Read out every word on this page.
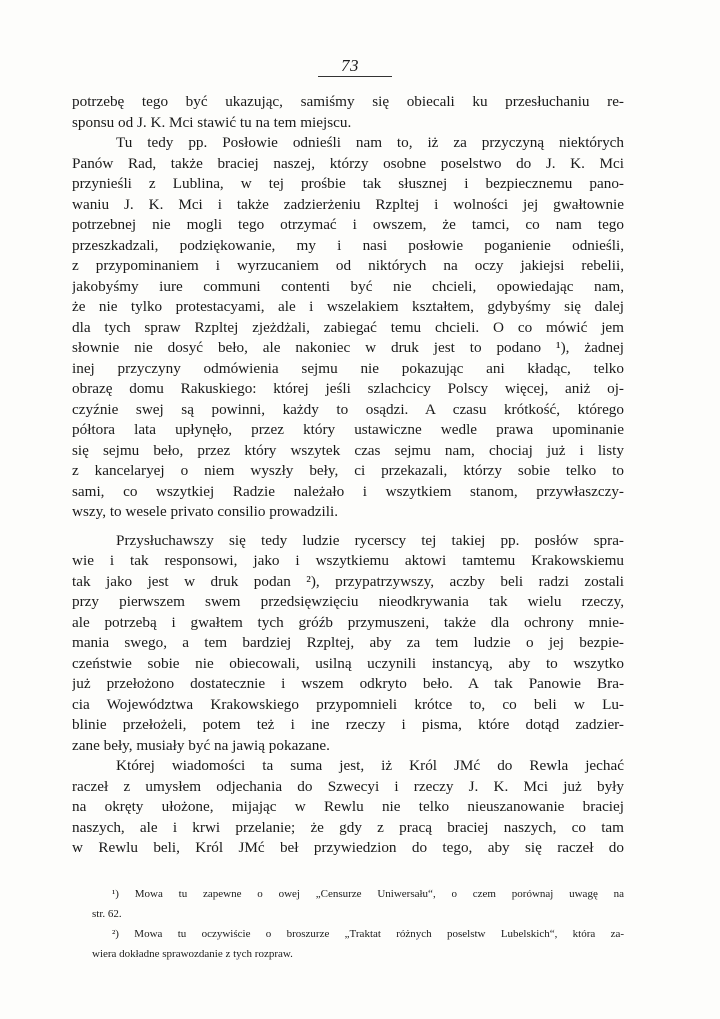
73
potrzebę tego być ukazując, samiśmy się obiecali ku przesłuchaniu re-
sponsu od J. K. Mci stawić tu na tem miejscu.
Tu tedy pp. Posłowie odnieśli nam to, iż za przyczyną niektórych
Panów Rad, także braciej naszej, którzy osobne poselstwo do J. K. Mci
przynieśli z Lublina, w tej prośbie tak słusznej i bezpiecznemu pano-
waniu J. K. Mci i także zadzierżeniu Rzpltej i wolności jej gwałtownie
potrzebnej nie mogli tego otrzymać i owszem, że tamci, co nam tego
przeszkadzali, podziękowanie, my i nasi posłowie poganienie odnieśli,
z przypominaniem i wyrzucaniem od niktórych na oczy jakiejsi rebelii,
jakobyśmy iure communi contenti być nie chcieli, opowiedając nam,
że nie tylko protestacyami, ale i wszelakiem kształtem, gdybyśmy się dalej
dla tych spraw Rzpltej zjeżdżali, zabiegać temu chcieli. O co mówić jem
słownie nie dosyć beło, ale nakoniec w druk jest to podano ¹), żadnej
inej przyczyny odmówienia sejmu nie pokazując ani kładąc, telko
obrazę domu Rakuskiego: której jeśli szlachcicy Polscy więcej, aniż oj-
czyźnie swej są powinni, każdy to osądzi. A czasu krótkość, którego
półtora lata upłynęło, przez który ustawiczne wedle prawa upominanie
się sejmu beło, przez który wszytek czas sejmu nam, chociaj już i listy
z kancelaryej o niem wyszły beły, ci przekazali, którzy sobie telko to
sami, co wszytkiej Radzie należało i wszytkiem stanom, przywłaszczy-
wszy, to wesele privato consilio prowadzili.
Przysłuchawszy się tedy ludzie rycerscy tej takiej pp. posłów spra-
wie i tak responsowi, jako i wszytkiemu aktowi tamtemu Krakowskiemu
tak jako jest w druk podan ²), przypatrzywszy, aczby beli radzi zostali
przy pierwszem swem przedsięwzięciu nieodkrywania tak wielu rzeczy,
ale potrzebą i gwałtem tych gróźb przymuszeni, także dla ochrony mnie-
mania swego, a tem bardziej Rzpltej, aby za tem ludzie o jej bezpie-
czeństwie sobie nie obiecowali, usilną uczynili instancyą, aby to wszytko
już przełożono dostatecznie i wszem odkryto beło. A tak Panowie Bra-
cia Województwa Krakowskiego przypomnieli krótce to, co beli w Lu-
blinie przełożeli, potem też i ine rzeczy i pisma, które dotąd zadzier-
zane beły, musiały być na jawią pokazane.
Której wiadomości ta suma jest, iż Król JMć do Rewla jechać
raczeł z umysłem odjechania do Szwecyi i rzeczy J. K. Mci już były
na okręty ułożone, mijając w Rewlu nie telko nieuszanowanie braciej
naszych, ale i krwi przelanie; że gdy z pracą braciej naszych, co tam
w Rewlu beli, Król JMć beł przywiedzion do tego, aby się raczeł do
¹) Mowa tu zapewne o owej „Censurze Uniwersału“, o czem porównaj uwagę na
str. 62.
²) Mowa tu oczywiście o broszurze „Traktat różnych poselstw Lubelskich“, która za-
wiera dokładne sprawozdanie z tych rozpraw.
